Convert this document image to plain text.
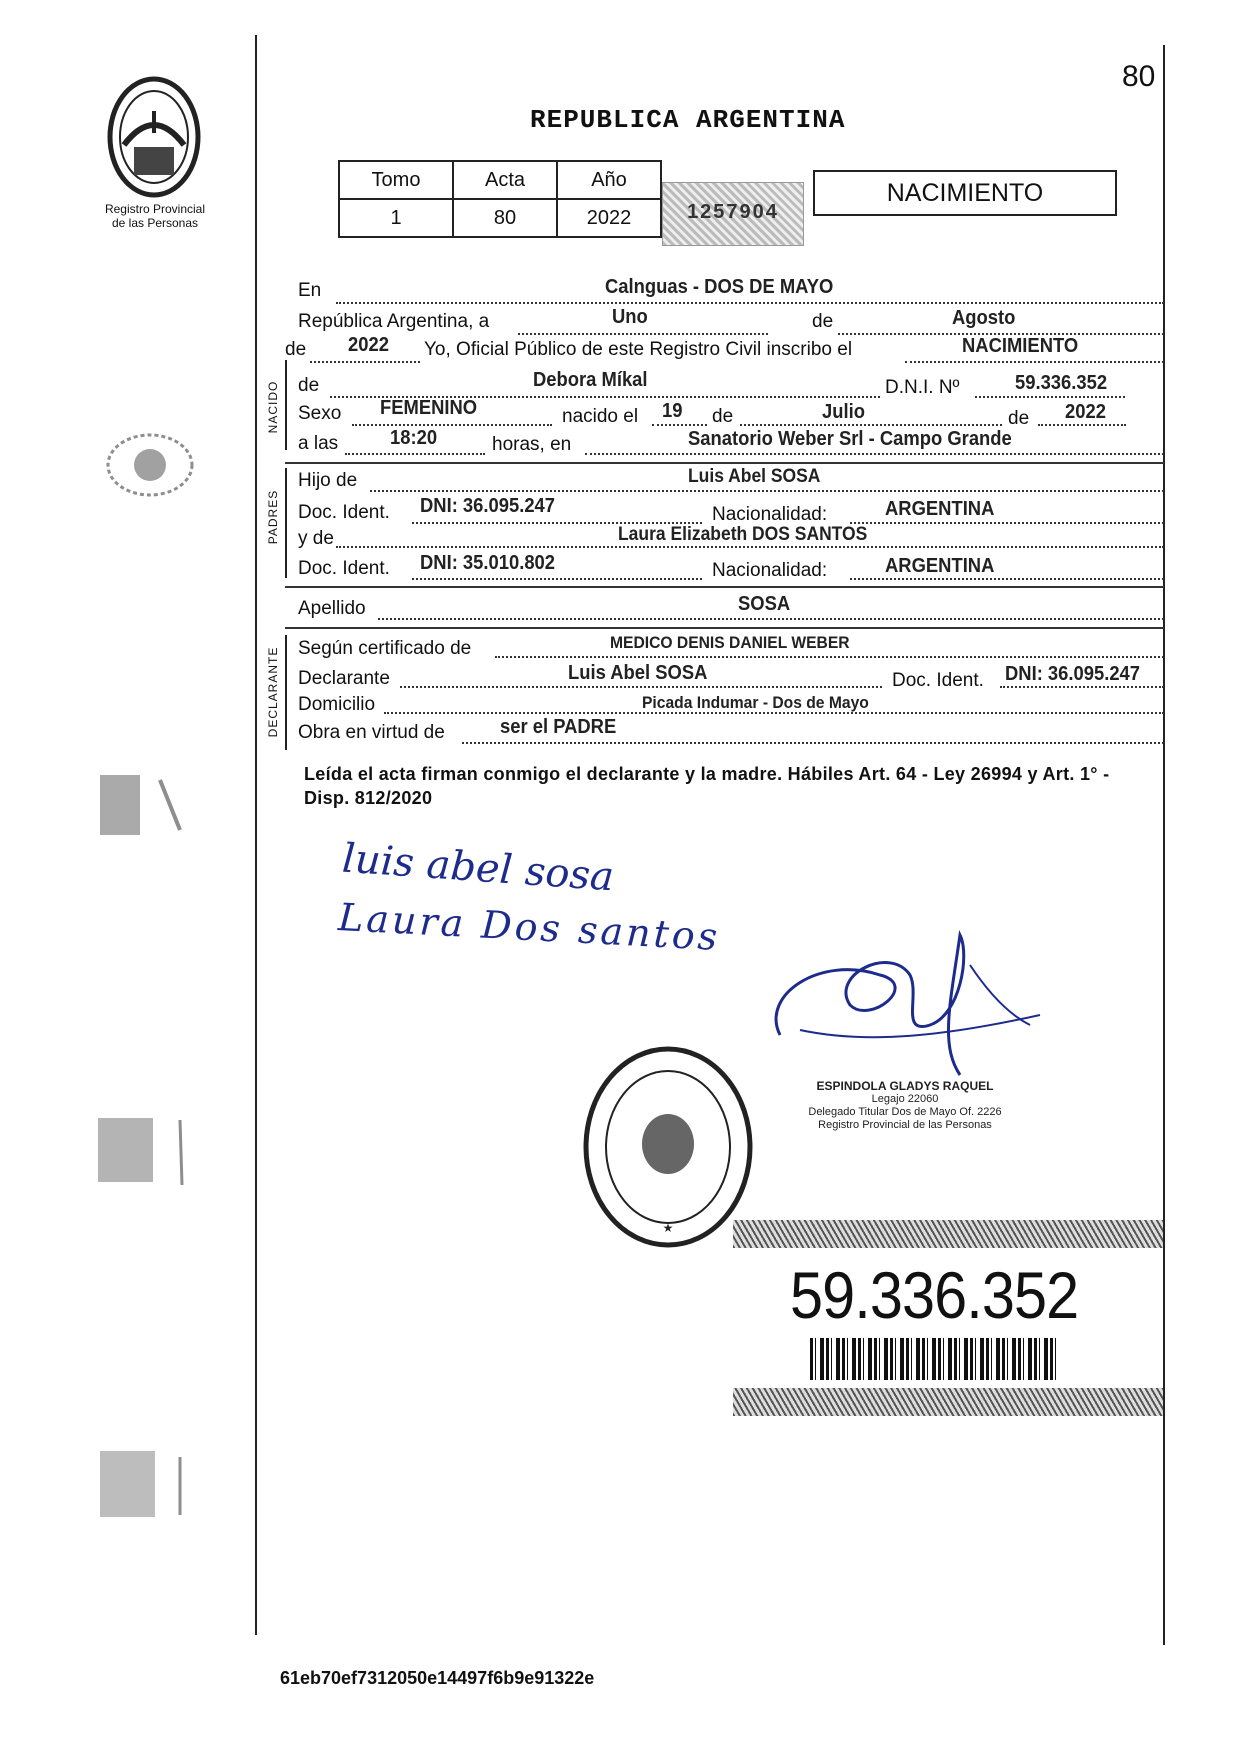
80
Registro Provincial
de las Personas
REPUBLICA ARGENTINA
Tomo	Acta	Año
1	80	2022	1257904
NACIMIENTO
NACIDO
PADRES
DECLARANTE
En	Calnguas - DOS DE MAYO
República Argentina, a	Uno	de	Agosto
de 2022 Yo, Oficial Público de este Registro Civil inscribo el	NACIMIENTO
de	Debora Míkal	D.N.I. Nº	59.336.352
Sexo FEMENINO	nacido el 19 de	Julio	de 2022
a las	18:20	horas, en	Sanatorio Weber Srl - Campo Grande
Hijo de	Luis Abel SOSA
Doc. Ident. DNI: 36.095.247	Nacionalidad:	ARGENTINA
y de	Laura Elizabeth DOS SANTOS
Doc. Ident. DNI: 35.010.802	Nacionalidad:	ARGENTINA
Apellido	SOSA
Según certificado de	MEDICO DENIS DANIEL WEBER
Declarante	Luis Abel SOSA	Doc. Ident. DNI: 36.095.247
Domicilio	Picada Indumar - Dos de Mayo
Obra en virtud de	ser el PADRE
Leída el acta firman conmigo el declarante y la madre. Hábiles Art. 64 - Ley 26994 y Art. 1° - Disp. 812/2020
luis abel sosa
Laura Dos santos
ESPINDOLA GLADYS RAQUEL
Legajo 22060
Delegado Titular Dos de Mayo Of. 2226
Registro Provincial de las Personas
★
59.336.352
61eb70ef7312050e14497f6b9e91322e
